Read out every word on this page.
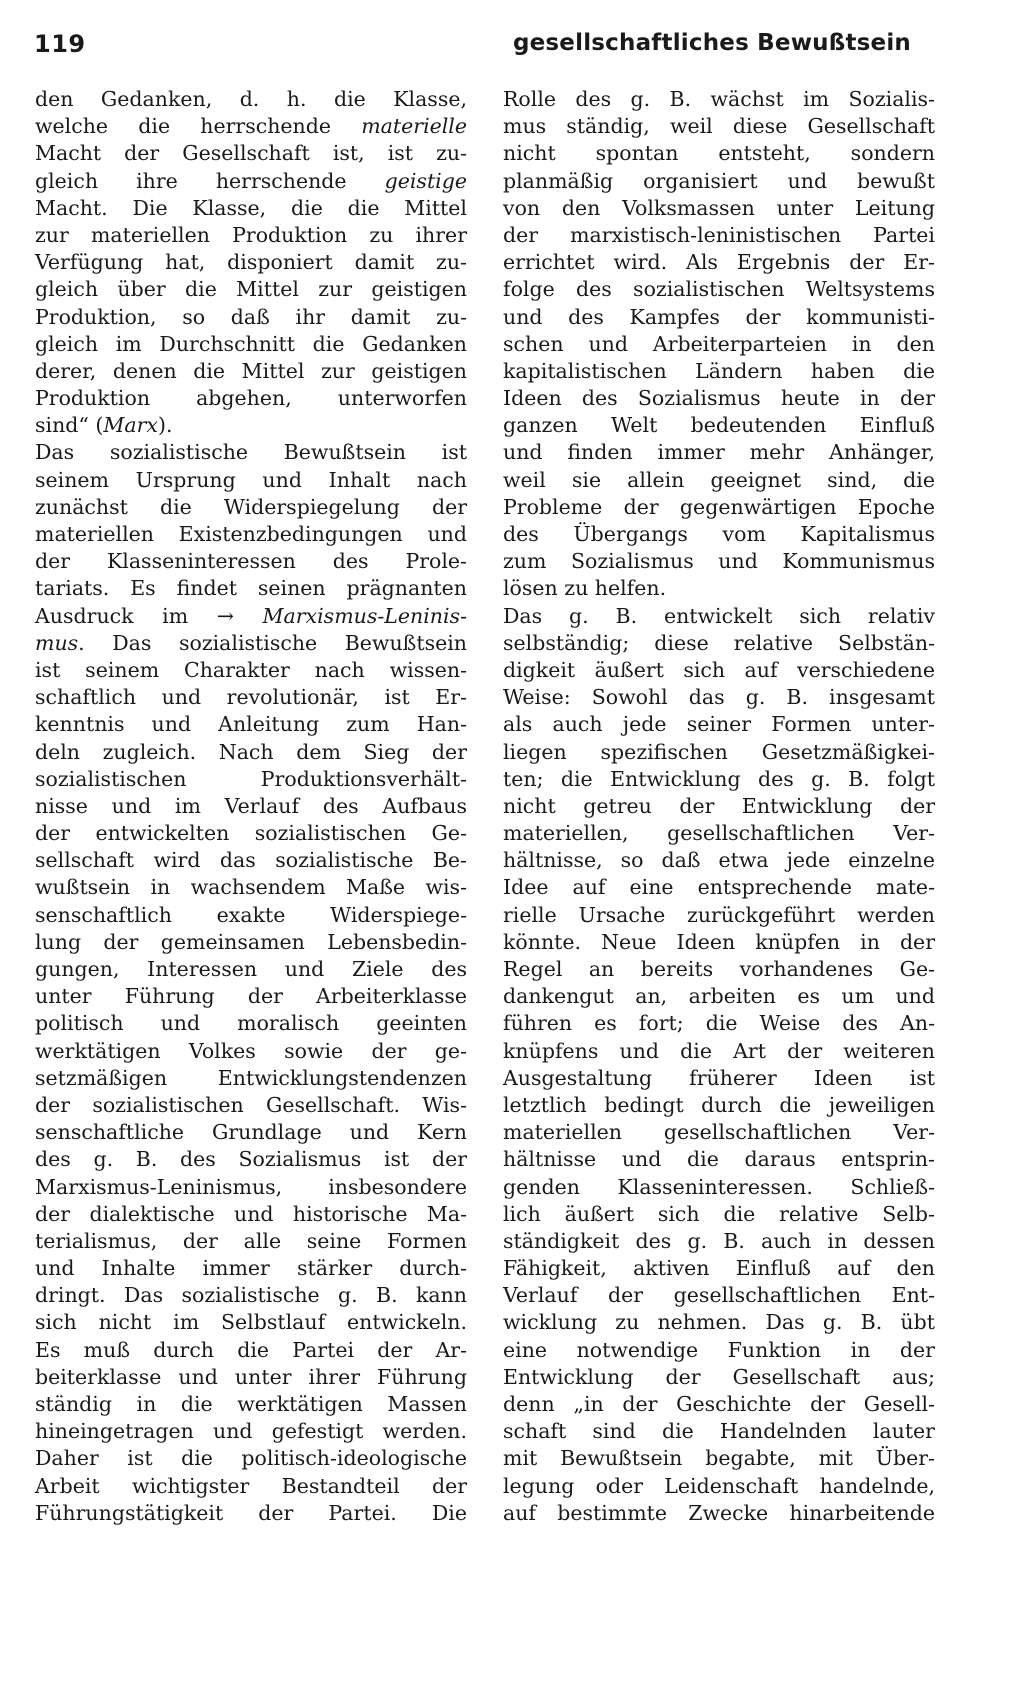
119	gesellschaftliches Bewußtsein
den Gedanken, d. h. die Klasse,
welche die herrschende materielle
Macht der Gesellschaft ist, ist zu-
gleich ihre herrschende geistige
Macht. Die Klasse, die die Mittel
zur materiellen Produktion zu ihrer
Verfügung hat, disponiert damit zu-
gleich über die Mittel zur geistigen
Produktion, so daß ihr damit zu-
gleich im Durchschnitt die Gedanken
derer, denen die Mittel zur geistigen
Produktion abgehen, unterworfen
sind“ (Marx).
Das sozialistische Bewußtsein ist
seinem Ursprung und Inhalt nach
zunächst die Widerspiegelung der
materiellen Existenzbedingungen und
der Klasseninteressen des Prole-
tariats. Es findet seinen prägnanten
Ausdruck im → Marxismus-Leninis-
mus. Das sozialistische Bewußtsein
ist seinem Charakter nach wissen-
schaftlich und revolutionär, ist Er-
kenntnis und Anleitung zum Han-
deln zugleich. Nach dem Sieg der
sozialistischen Produktionsverhält-
nisse und im Verlauf des Aufbaus
der entwickelten sozialistischen Ge-
sellschaft wird das sozialistische Be-
wußtsein in wachsendem Maße wis-
senschaftlich exakte Widerspiege-
lung der gemeinsamen Lebensbedin-
gungen, Interessen und Ziele des
unter Führung der Arbeiterklasse
politisch und moralisch geeinten
werktätigen Volkes sowie der ge-
setzmäßigen Entwicklungstendenzen
der sozialistischen Gesellschaft. Wis-
senschaftliche Grundlage und Kern
des g. B. des Sozialismus ist der
Marxismus-Leninismus, insbesondere
der dialektische und historische Ma-
terialismus, der alle seine Formen
und Inhalte immer stärker durch-
dringt. Das sozialistische g. B. kann
sich nicht im Selbstlauf entwickeln.
Es muß durch die Partei der Ar-
beiterklasse und unter ihrer Führung
ständig in die werktätigen Massen
hineingetragen und gefestigt werden.
Daher ist die politisch-ideologische
Arbeit wichtigster Bestandteil der
Führungstätigkeit der Partei. Die
Rolle des g. B. wächst im Sozialis-
mus ständig, weil diese Gesellschaft
nicht spontan entsteht, sondern
planmäßig organisiert und bewußt
von den Volksmassen unter Leitung
der marxistisch-leninistischen Partei
errichtet wird. Als Ergebnis der Er-
folge des sozialistischen Weltsystems
und des Kampfes der kommunisti-
schen und Arbeiterparteien in den
kapitalistischen Ländern haben die
Ideen des Sozialismus heute in der
ganzen Welt bedeutenden Einfluß
und finden immer mehr Anhänger,
weil sie allein geeignet sind, die
Probleme der gegenwärtigen Epoche
des Übergangs vom Kapitalismus
zum Sozialismus und Kommunismus
lösen zu helfen.
Das g. B. entwickelt sich relativ
selbständig; diese relative Selbstän-
digkeit äußert sich auf verschiedene
Weise: Sowohl das g. B. insgesamt
als auch jede seiner Formen unter-
liegen spezifischen Gesetzmäßigkei-
ten; die Entwicklung des g. B. folgt
nicht getreu der Entwicklung der
materiellen, gesellschaftlichen Ver-
hältnisse, so daß etwa jede einzelne
Idee auf eine entsprechende mate-
rielle Ursache zurückgeführt werden
könnte. Neue Ideen knüpfen in der
Regel an bereits vorhandenes Ge-
dankengut an, arbeiten es um und
führen es fort; die Weise des An-
knüpfens und die Art der weiteren
Ausgestaltung früherer Ideen ist
letztlich bedingt durch die jeweiligen
materiellen gesellschaftlichen Ver-
hältnisse und die daraus entsprin-
genden Klasseninteressen. Schließ-
lich äußert sich die relative Selb-
ständigkeit des g. B. auch in dessen
Fähigkeit, aktiven Einfluß auf den
Verlauf der gesellschaftlichen Ent-
wicklung zu nehmen. Das g. B. übt
eine notwendige Funktion in der
Entwicklung der Gesellschaft aus;
denn „in der Geschichte der Gesell-
schaft sind die Handelnden lauter
mit Bewußtsein begabte, mit Über-
legung oder Leidenschaft handelnde,
auf bestimmte Zwecke hinarbeitende
